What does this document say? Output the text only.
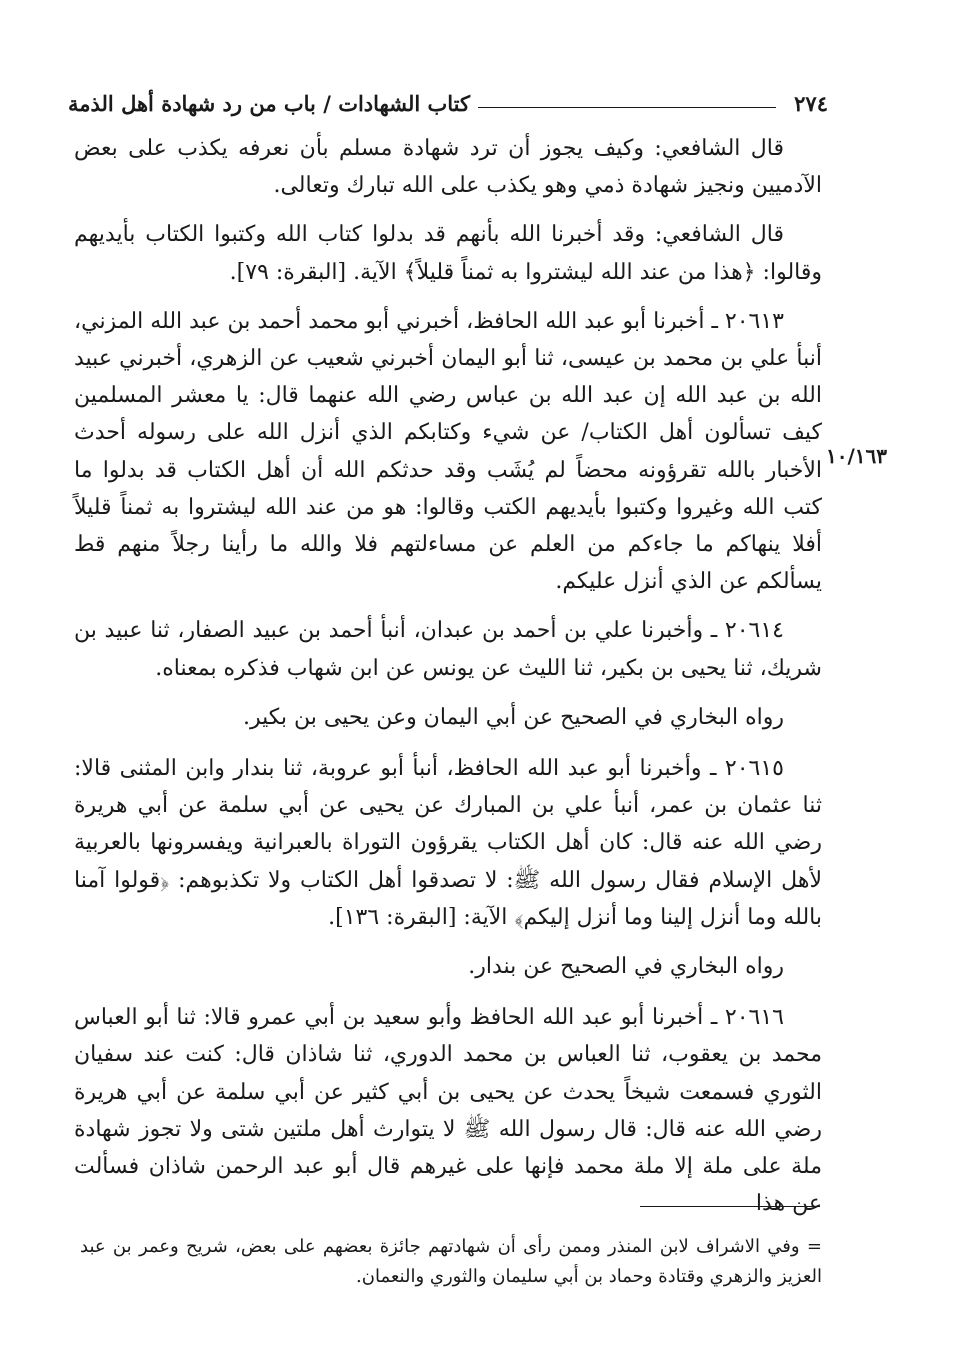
٢٧٤
كتاب الشهادات / باب من رد شهادة أهل الذمة

قال الشافعي: وكيف يجوز أن ترد شهادة مسلم بأن نعرفه يكذب على بعض الآدميين ونجيز شهادة ذمي وهو يكذب على الله تبارك وتعالى.

قال الشافعي: وقد أخبرنا الله بأنهم قد بدلوا كتاب الله وكتبوا الكتاب بأيديهم وقالوا: ﴿هذا من عند الله ليشتروا به ثمناً قليلاً﴾ الآية. [البقرة: ٧٩].

٢٠٦١٣ ـ أخبرنا أبو عبد الله الحافظ، أخبرني أبو محمد أحمد بن عبد الله المزني، أنبأ علي بن محمد بن عيسى، ثنا أبو اليمان أخبرني شعيب عن الزهري، أخبرني عبيد الله بن عبد الله إن عبد الله بن عباس رضي الله عنهما قال: يا معشر المسلمين كيف تسألون أهل الكتاب/ عن شيء وكتابكم الذي أنزل الله على رسوله أحدث الأخبار بالله تقرؤونه محضاً لم يُشَب وقد حدثكم الله أن أهل الكتاب قد بدلوا ما كتب الله وغيروا وكتبوا بأيديهم الكتب وقالوا: هو من عند الله ليشتروا به ثمناً قليلاً أفلا ينهاكم ما جاءكم من العلم عن مساءلتهم فلا والله ما رأينا رجلاً منهم قط يسألكم عن الذي أنزل عليكم.

٢٠٦١٤ ـ وأخبرنا علي بن أحمد بن عبدان، أنبأ أحمد بن عبيد الصفار، ثنا عبيد بن شريك، ثنا يحيى بن بكير، ثنا الليث عن يونس عن ابن شهاب فذكره بمعناه.

رواه البخاري في الصحيح عن أبي اليمان وعن يحيى بن بكير.

٢٠٦١٥ ـ وأخبرنا أبو عبد الله الحافظ، أنبأ أبو عروبة، ثنا بندار وابن المثنى قالا: ثنا عثمان بن عمر، أنبأ علي بن المبارك عن يحيى عن أبي سلمة عن أبي هريرة رضي الله عنه قال: كان أهل الكتاب يقرؤون التوراة بالعبرانية ويفسرونها بالعربية لأهل الإسلام فقال رسول الله ﷺ: لا تصدقوا أهل الكتاب ولا تكذبوهم: ﴿قولوا آمنا بالله وما أنزل إلينا وما أنزل إليكم﴾ الآية: [البقرة: ١٣٦].

رواه البخاري في الصحيح عن بندار.

٢٠٦١٦ ـ أخبرنا أبو عبد الله الحافظ وأبو سعيد بن أبي عمرو قالا: ثنا أبو العباس محمد بن يعقوب، ثنا العباس بن محمد الدوري، ثنا شاذان قال: كنت عند سفيان الثوري فسمعت شيخاً يحدث عن يحيى بن أبي كثير عن أبي سلمة عن أبي هريرة رضي الله عنه قال: قال رسول الله ﷺ لا يتوارث أهل ملتين شتى ولا تجوز شهادة ملة على ملة إلا ملة محمد فإنها على غيرهم قال أبو عبد الرحمن شاذان فسألت عن هذا

١٠/١٦٣

= وفي الاشراف لابن المنذر وممن رأى أن شهادتهم جائزة بعضهم على بعض، شريح وعمر بن عبد العزيز والزهري وقتادة وحماد بن أبي سليمان والثوري والنعمان.
